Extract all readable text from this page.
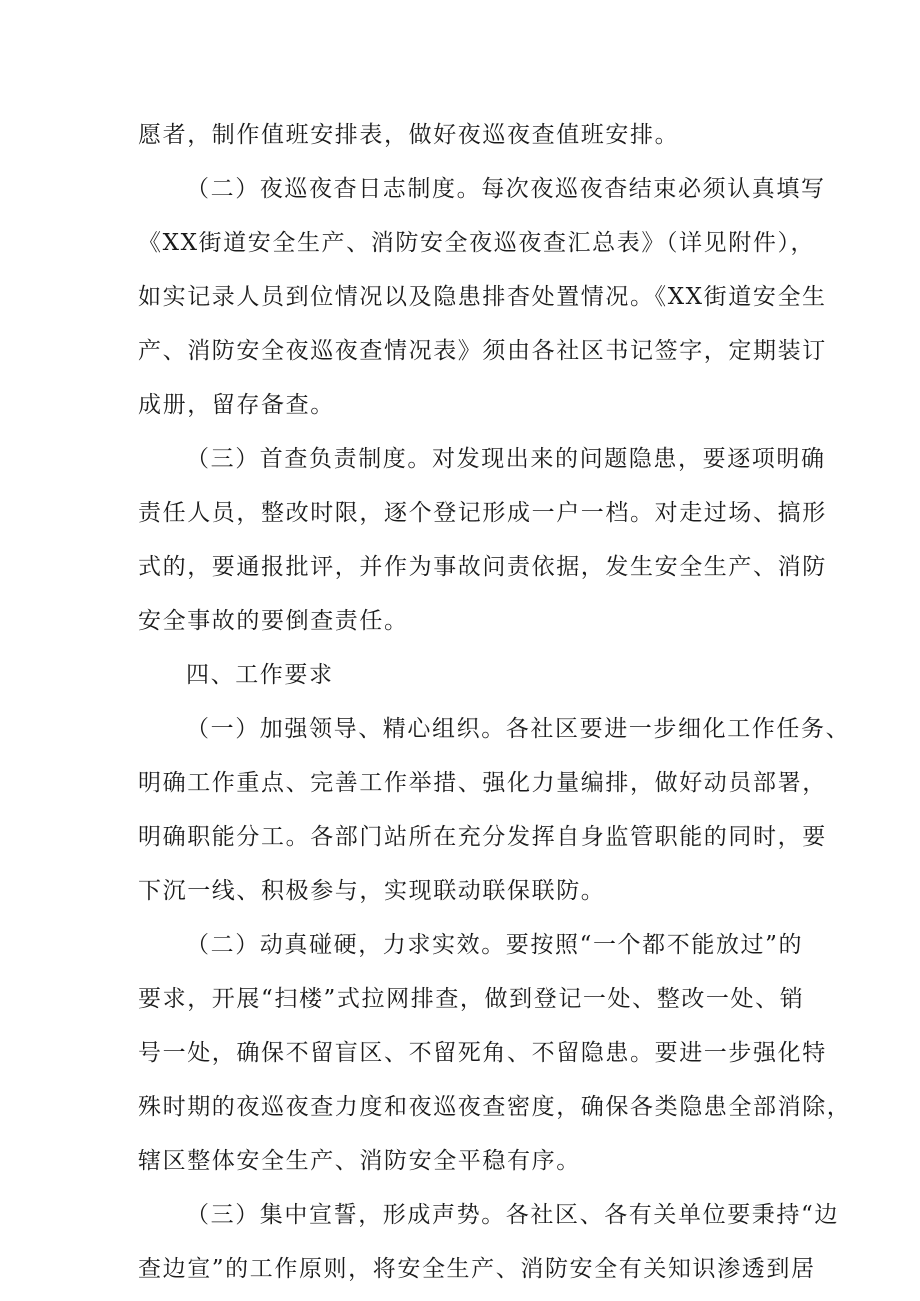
愿者，制作值班安排表，做好夜巡夜查值班安排。
（二）夜巡夜杳日志制度。每次夜巡夜杳结束必须认真填写
《XX街道安全生产、消防安全夜巡夜查汇总表》（详见附件），
如实记录人员到位情况以及隐患排杳处置情况。《XX街道安全生
产、消防安全夜巡夜查情况表》须由各社区书记签字，定期装订
成册，留存备查。
（三）首查负责制度。对发现出来的问题隐患，要逐项明确
责任人员，整改时限，逐个登记形成一户一档。对走过场、搞形
式的，要通报批评，并作为事故问责依据，发生安全生产、消防
安全事故的要倒查责任。
四、工作要求
（一）加强领导、精心组织。各社区要进一步细化工作任务、
明确工作重点、完善工作举措、强化力量编排，做好动员部署，
明确职能分工。各部门站所在充分发挥自身监管职能的同时，要
下沉一线、积极参与，实现联动联保联防。
（二）动真碰硬，力求实效。要按照“一个都不能放过”的
要求，开展“扫楼”式拉网排查，做到登记一处、整改一处、销
号一处，确保不留盲区、不留死角、不留隐患。要进一步强化特
殊时期的夜巡夜查力度和夜巡夜查密度，确保各类隐患全部消除，
辖区整体安全生产、消防安全平稳有序。
（三）集中宣誓，形成声势。各社区、各有关单位要秉持“边
查边宣”的工作原则，将安全生产、消防安全有关知识渗透到居
